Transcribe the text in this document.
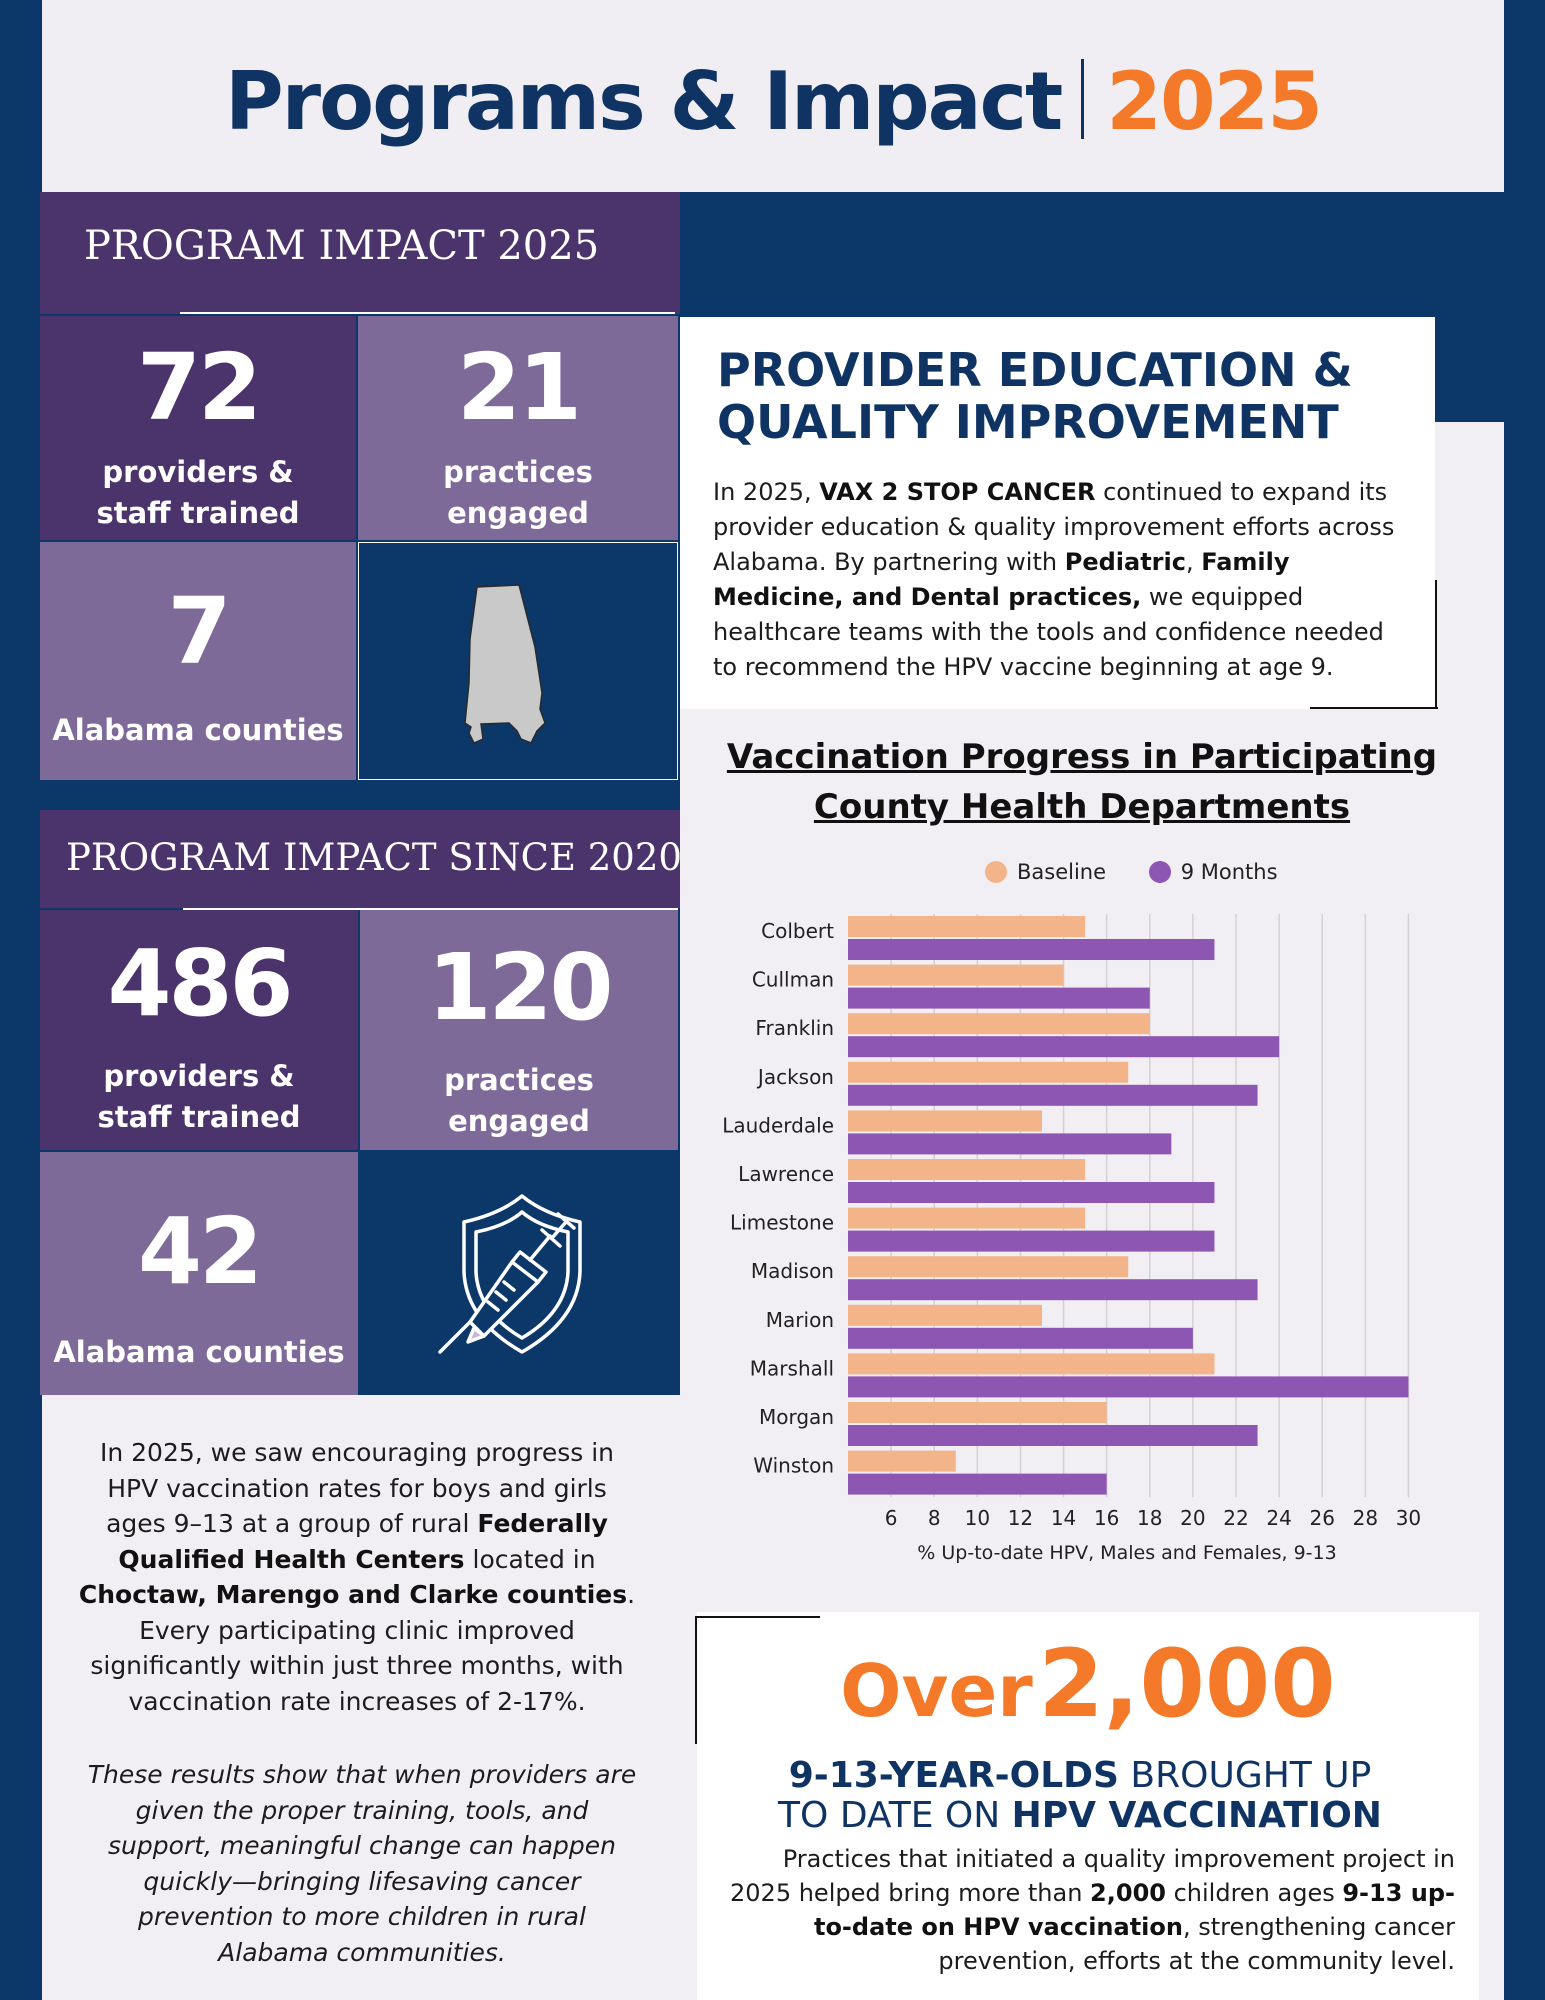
Programs & Impact 2025
PROGRAM IMPACT 2025
72
providers &
staff trained
21
practices
engaged
7
Alabama counties
PROGRAM IMPACT SINCE 2020
486
providers &
staff trained
120
practices
engaged
42
Alabama counties
PROVIDER EDUCATION &
QUALITY IMPROVEMENT
In 2025, VAX 2 STOP CANCER continued to expand its provider education & quality improvement efforts across Alabama. By partnering with Pediatric, Family Medicine, and Dental practices, we equipped healthcare teams with the tools and confidence needed to recommend the HPV vaccine beginning at age 9.
Vaccination Progress in Participating
County Health Departments
Baseline	9 Months
Colbert
Cullman
Franklin
Jackson
Lauderdale
Lawrence
Limestone
Madison
Marion
Marshall
Morgan
Winston
6 8 10 12 14 16 18 20 22 24 26 28 30
% Up-to-date HPV, Males and Females, 9-13
In 2025, we saw encouraging progress in HPV vaccination rates for boys and girls ages 9–13 at a group of rural Federally Qualified Health Centers located in Choctaw, Marengo and Clarke counties. Every participating clinic improved significantly within just three months, with vaccination rate increases of 2-17%.
These results show that when providers are given the proper training, tools, and support, meaningful change can happen quickly—bringing lifesaving cancer prevention to more children in rural Alabama communities.
Over 2,000
9-13-YEAR-OLDS BROUGHT UP
TO DATE ON HPV VACCINATION
Practices that initiated a quality improvement project in 2025 helped bring more than 2,000 children ages 9-13 up-to-date on HPV vaccination, strengthening cancer prevention, efforts at the community level.
